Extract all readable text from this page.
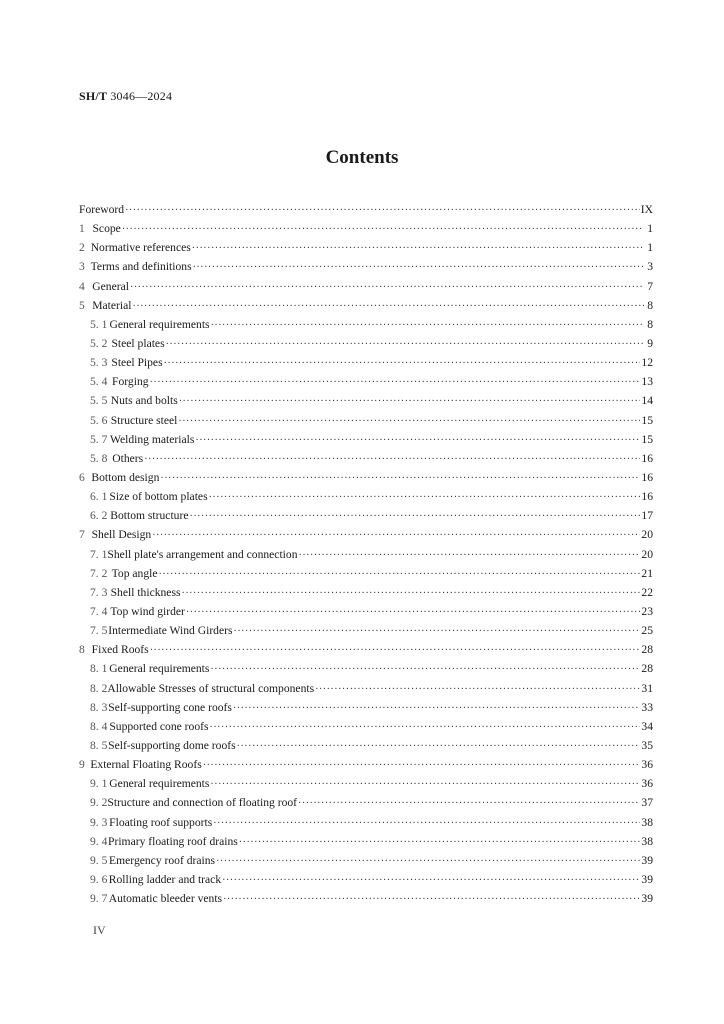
SH/T 3046—2024
Contents
Foreword ·····	IX
1 Scope ·····	1
2 Normative references ·····	1
3 Terms and definitions ·····	3
4 General ·····	7
5 Material ·····	8
5. 1 General requirements ·····	8
5. 2 Steel plates ·····	9
5. 3 Steel Pipes ·····	12
5. 4 Forging ·····	13
5. 5 Nuts and bolts ·····	14
5. 6 Structure steel ·····	15
5. 7 Welding materials ·····	15
5. 8 Others ·····	16
6 Bottom design ·····	16
6. 1 Size of bottom plates ·····	16
6. 2 Bottom structure ·····	17
7 Shell Design ·····	20
7. 1 Shell plate's arrangement and connection ·····	20
7. 2 Top angle ·····	21
7. 3 Shell thickness ·····	22
7. 4 Top wind girder ·····	23
7. 5 Intermediate Wind Girders ·····	25
8 Fixed Roofs ·····	28
8. 1 General requirements ·····	28
8. 2 Allowable Stresses of structural components ·····	31
8. 3 Self-supporting cone roofs ·····	33
8. 4 Supported cone roofs ·····	34
8. 5 Self-supporting dome roofs ·····	35
9 External Floating Roofs ·····	36
9. 1 General requirements ·····	36
9. 2 Structure and connection of floating roof ·····	37
9. 3 Floating roof supports ·····	38
9. 4 Primary floating roof drains ·····	38
9. 5 Emergency roof drains ·····	39
9. 6 Rolling ladder and track ·····	39
9. 7 Automatic bleeder vents ·····	39
IV
